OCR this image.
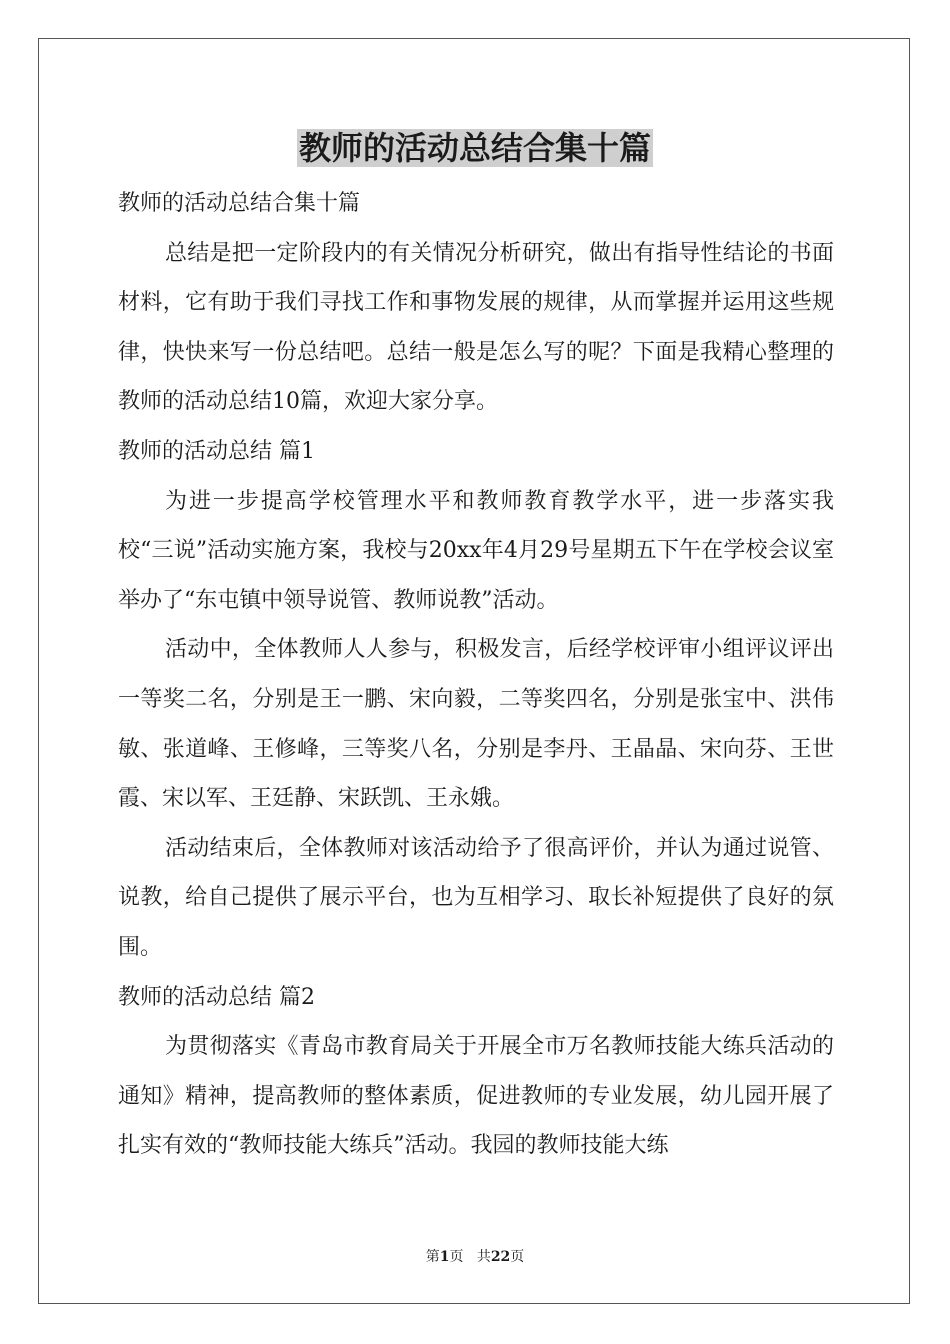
教师的活动总结合集十篇

教师的活动总结合集十篇

总结是把一定阶段内的有关情况分析研究，做出有指导性结论的书面材料，它有助于我们寻找工作和事物发展的规律，从而掌握并运用这些规律，快快来写一份总结吧。总结一般是怎么写的呢？下面是我精心整理的教师的活动总结10篇，欢迎大家分享。

教师的活动总结 篇1

为进一步提高学校管理水平和教师教育教学水平，进一步落实我校“三说”活动实施方案，我校与20xx年4月29号星期五下午在学校会议室举办了“东屯镇中领导说管、教师说教”活动。

活动中，全体教师人人参与，积极发言，后经学校评审小组评议评出一等奖二名，分别是王一鹏、宋向毅，二等奖四名，分别是张宝中、洪伟敏、张道峰、王修峰，三等奖八名，分别是李丹、王晶晶、宋向芬、王世霞、宋以军、王廷静、宋跃凯、王永娥。

活动结束后，全体教师对该活动给予了很高评价，并认为通过说管、说教，给自己提供了展示平台，也为互相学习、取长补短提供了良好的氛围。

教师的活动总结 篇2

为贯彻落实《青岛市教育局关于开展全市万名教师技能大练兵活动的通知》精神，提高教师的整体素质，促进教师的专业发展，幼儿园开展了扎实有效的“教师技能大练兵”活动。我园的教师技能大练

第1页 共22页
